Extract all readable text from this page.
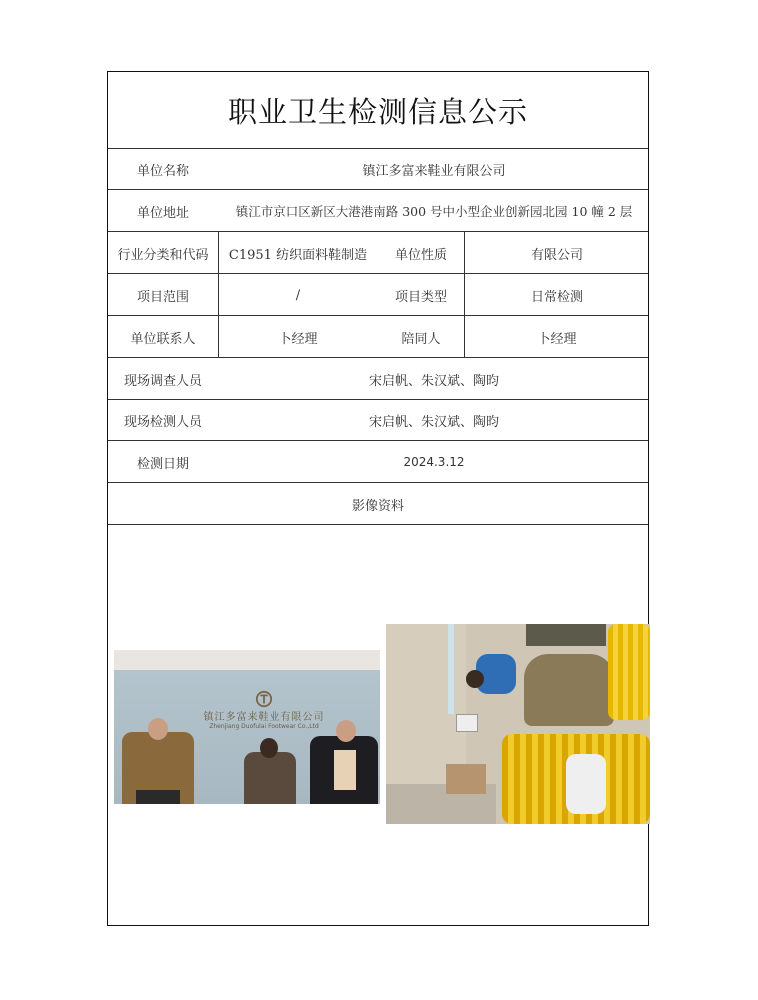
职业卫生检测信息公示
单位名称	镇江多富来鞋业有限公司
单位地址	镇江市京口区新区大港港南路 300 号中小型企业创新园北园 10 幢 2 层
行业分类和代码	C1951 纺织面料鞋制造	单位性质	有限公司
项目范围	/	项目类型	日常检测
单位联系人	卜经理	陪同人	卜经理
现场调查人员	宋启帆、朱汉斌、陶昀
现场检测人员	宋启帆、朱汉斌、陶昀
检测日期	2024.3.12
影像资料
镇江多富来鞋业有限公司
Zhenjiang Duofulai Footwear Co.,Ltd
